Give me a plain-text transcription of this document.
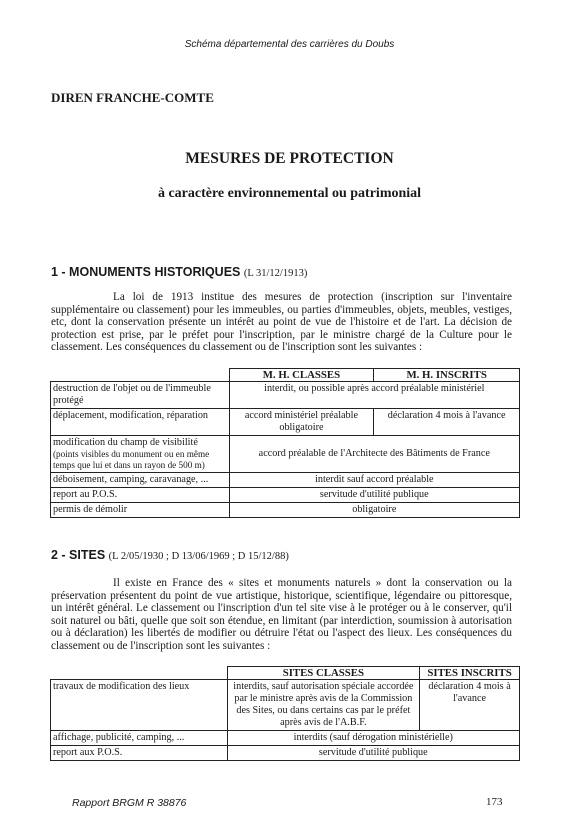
Schéma départemental des carrières du Doubs
DIREN FRANCHE-COMTE
MESURES DE PROTECTION
à caractère environnemental ou patrimonial
1 - MONUMENTS HISTORIQUES (L 31/12/1913)

La loi de 1913 institue des mesures de protection (inscription sur l'inventaire supplémentaire ou classement) pour les immeubles, ou parties d'immeubles, objets, meubles, vestiges, etc, dont la conservation présente un intérêt au point de vue de l'histoire et de l'art. La décision de protection est prise, par le préfet pour l'inscription, par le ministre chargé de la Culture pour le classement. Les conséquences du classement ou de l'inscription sont les suivantes :

	M. H. CLASSES	M. H. INSCRITS
destruction de l'objet ou de l'immeuble protégé	interdit, ou possible après accord préalable ministériel	
déplacement, modification, réparation	accord ministériel préalable obligatoire	déclaration 4 mois à l'avance

modification du champ de visibilité
(points visibles du monument ou en même temps que lui et dans un rayon de 500 m)	accord préalable de l'Architecte des Bâtiments de France	
déboisement, camping, caravanage, ...	interdit sauf accord préalable	
report au P.O.S.	servitude d'utilité publique	
permis de démolir	obligatoire	
2 - SITES (L 2/05/1930 ; D 13/06/1969 ; D 15/12/88)

Il existe en France des « sites et monuments naturels » dont la conservation ou la préservation présentent du point de vue artistique, historique, scientifique, légendaire ou pittoresque, un intérêt général. Le classement ou l'inscription d'un tel site vise à le protéger ou à le conserver, qu'il soit naturel ou bâti, quelle que soit son étendue, en limitant (par interdiction, soumission à autorisation ou à déclaration) les libertés de modifier ou détruire l'état ou l'aspect des lieux. Les conséquences du classement ou de l'inscription sont les suivantes :

	SITES CLASSES	SITES INSCRITS
travaux de modification des lieux	interdits, sauf autorisation spéciale accordée par le ministre après avis de la Commission des Sites, ou dans certains cas par le préfet après avis de l'A.B.F.	déclaration 4 mois à l'avance
affichage, publicité, camping, ...	interdits (sauf dérogation ministérielle)	
report aux P.O.S.	servitude d'utilité publique	
Rapport BRGM R 38876	173
